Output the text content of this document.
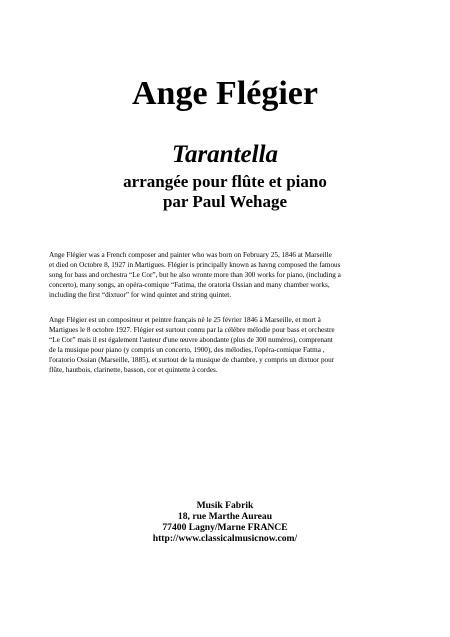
Ange Flégier
Tarantella
arrangée pour flûte et piano
par Paul Wehage
Ange Flégier was a French composer and painter who was born on February 25, 1846 at Marseille
et died on Octobre 8, 1927 in Martigues. Flégier is principally known as havng composed the famous
song for bass and orchestra “Le Cor”, but he also wronte more than 300 works for piano, (including a
concerto), many songs, an opéra-comique “Fatima, the oratoria Ossian and many chamber works,
including the first “dixtuor” for wind quintet and string quintet.
Ange Flégier est un compositeur et peintre français né le 25 février 1846 à Marseille, et mort à
Martigues le 8 octobre 1927. Flégier est surtout connu par la célèbre mélodie pour bass et orchestre
“Le Cor” mais il est également l'auteur d'une œuvre abondante (plus de 300 numéros), comprenant
de la musique pour piano (y compris un concerto, 1900), des mélodies, l'opéra-comique Fatma ,
l'oratorio Ossian (Marseille, 1885), et surtout de la musique de chambre, y compris un dixtuor pour
flûte, hautbois, clarinette, basson, cor et quintette à cordes.
Musik Fabrik
18, rue Marthe Aureau
77400 Lagny/Marne FRANCE
http://www.classicalmusicnow.com/
